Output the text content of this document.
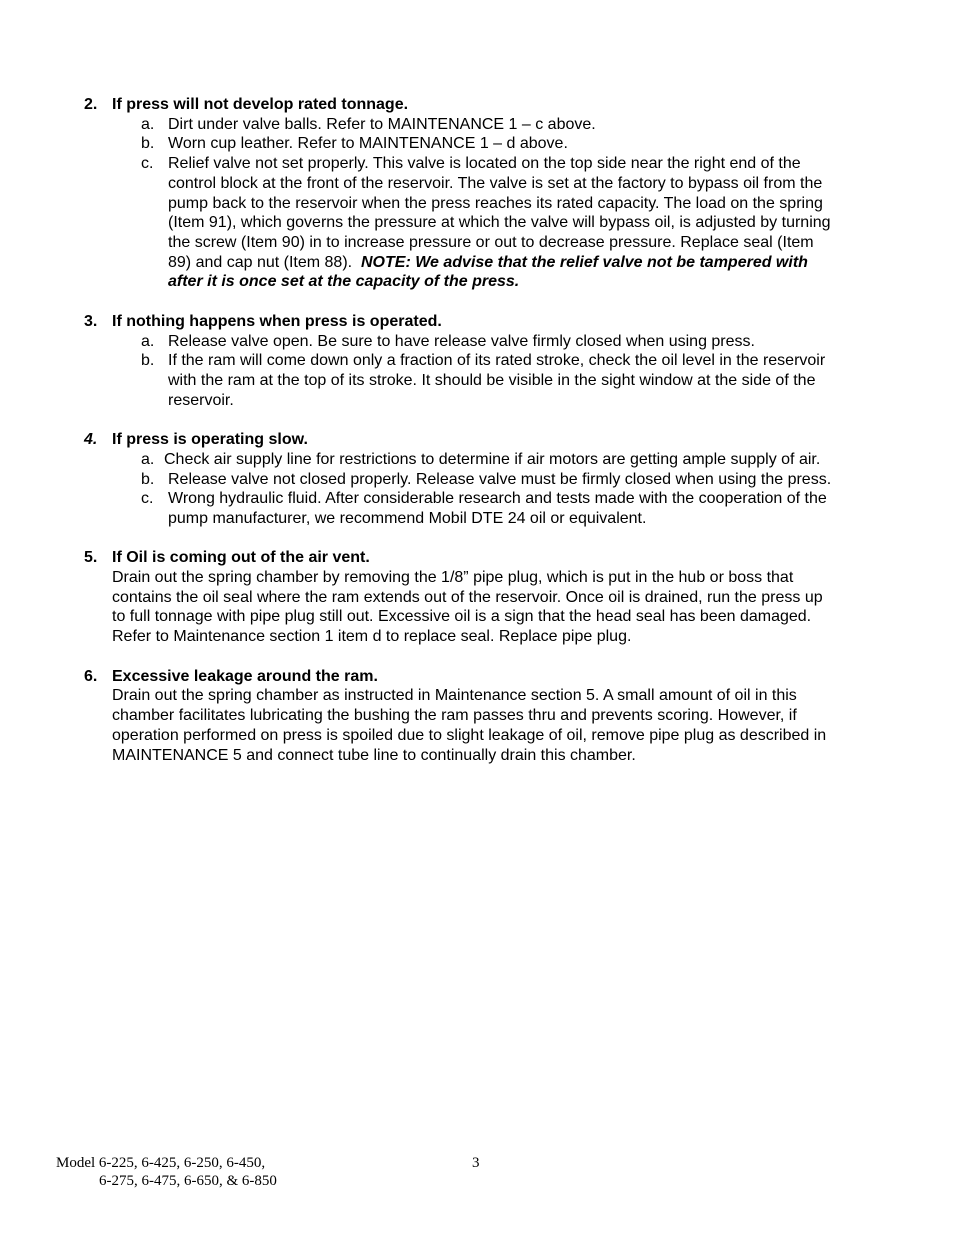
2. If press will not develop rated tonnage.
a. Dirt under valve balls. Refer to MAINTENANCE 1 – c above.
b. Worn cup leather. Refer to MAINTENANCE 1 – d above.
c. Relief valve not set properly. This valve is located on the top side near the right end of the
control block at the front of the reservoir. The valve is set at the factory to bypass oil from the
pump back to the reservoir when the press reaches its rated capacity. The load on the spring
(Item 91), which governs the pressure at which the valve will bypass oil, is adjusted by turning
the screw (Item 90) in to increase pressure or out to decrease pressure. Replace seal (Item
89) and cap nut (Item 88).  NOTE: We advise that the relief valve not be tampered with
after it is once set at the capacity of the press.
3. If nothing happens when press is operated.
a. Release valve open. Be sure to have release valve firmly closed when using press.
b. If the ram will come down only a fraction of its rated stroke, check the oil level in the reservoir
with the ram at the top of its stroke. It should be visible in the sight window at the side of the
reservoir.
4. If press is operating slow.
a. Check air supply line for restrictions to determine if air motors are getting ample supply of air.
b. Release valve not closed properly. Release valve must be firmly closed when using the press.
c. Wrong hydraulic fluid. After considerable research and tests made with the cooperation of the
pump manufacturer, we recommend Mobil DTE 24 oil or equivalent.
5. If Oil is coming out of the air vent.
Drain out the spring chamber by removing the 1/8” pipe plug, which is put in the hub or boss that
contains the oil seal where the ram extends out of the reservoir. Once oil is drained, run the press up
to full tonnage with pipe plug still out. Excessive oil is a sign that the head seal has been damaged.
Refer to Maintenance section 1 item d to replace seal. Replace pipe plug.
6. Excessive leakage around the ram.
Drain out the spring chamber as instructed in Maintenance section 5. A small amount of oil in this
chamber facilitates lubricating the bushing the ram passes thru and prevents scoring. However, if
operation performed on press is spoiled due to slight leakage of oil, remove pipe plug as described in
MAINTENANCE 5 and connect tube line to continually drain this chamber.
Model 6-225, 6-425, 6-250, 6-450,
6-275, 6-475, 6-650, & 6-850
3
